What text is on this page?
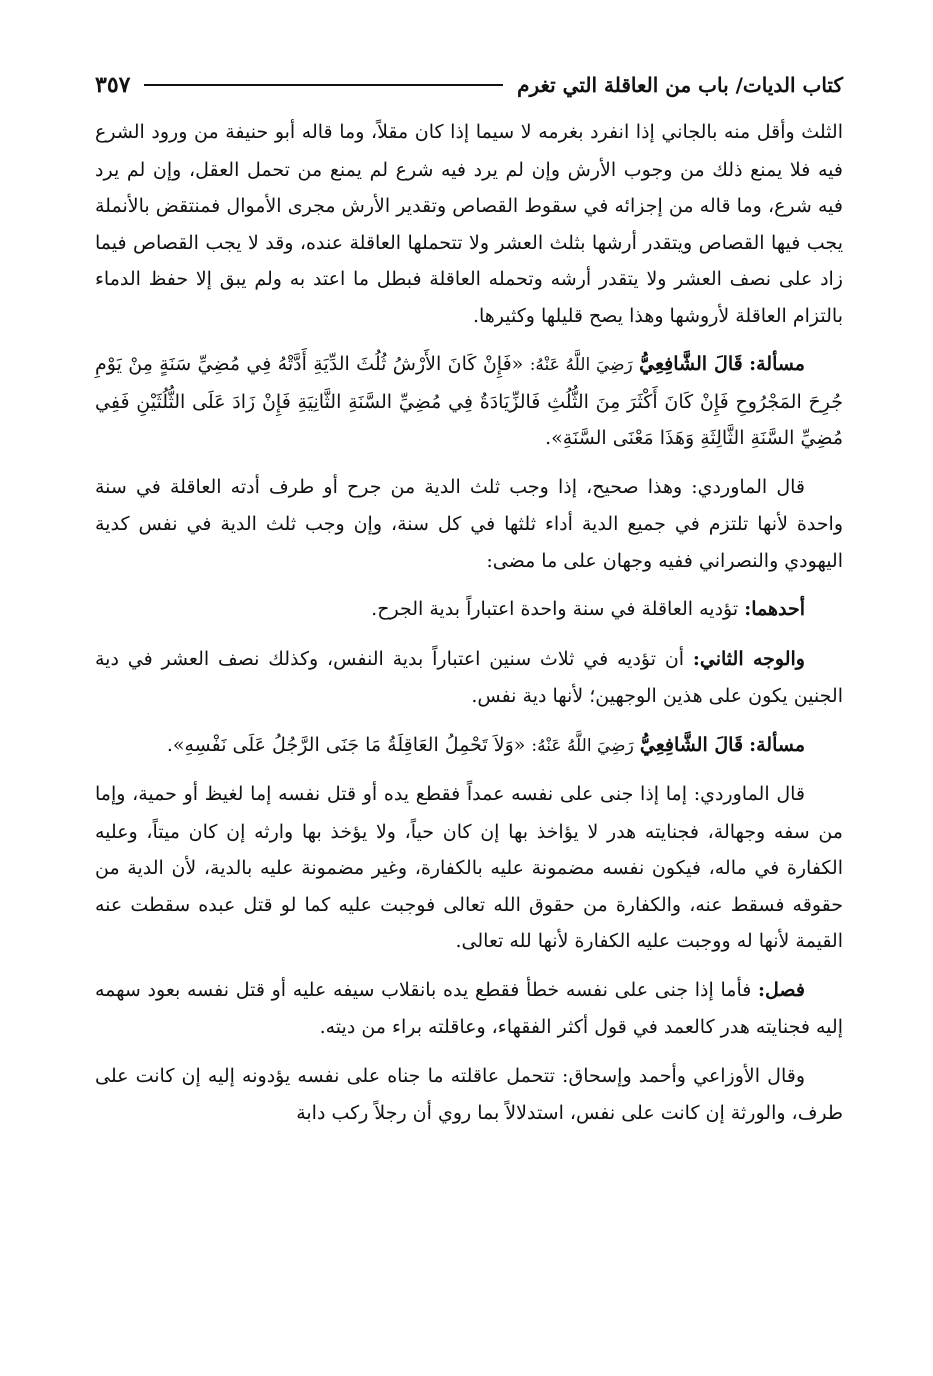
كتاب الديات/ باب من العاقلة التي تغرم
٣٥٧

الثلث وأقل منه بالجاني إذا انفرد بغرمه لا سيما إذا كان مقلاً، وما قاله أبو حنيفة من ورود الشرع فيه فلا يمنع ذلك من وجوب الأرش وإن لم يرد فيه شرع لم يمنع من تحمل العقل، وإن لم يرد فيه شرع، وما قاله من إجزائه في سقوط القصاص وتقدير الأرش مجرى الأموال فمنتقض بالأنملة يجب فيها القصاص ويتقدر أرشها بثلث العشر ولا تتحملها العاقلة عنده، وقد لا يجب القصاص فيما زاد على نصف العشر ولا يتقدر أرشه وتحمله العاقلة فبطل ما اعتد به ولم يبق إلا حفظ الدماء بالتزام العاقلة لأروشها وهذا يصح قليلها وكثيرها.

مسألة: قَالَ الشَّافِعِيُّ رَضِيَ اللَّهُ عَنْهُ: «فَإِنْ كَانَ الأَرْشُ ثُلُثَ الدِّيَةِ أَدَّتْهُ فِي مُضِيِّ سَنَةٍ مِنْ يَوْمِ جُرِحَ المَجْرُوحِ فَإِنْ كَانَ أَكْثَرَ مِنَ الثُّلُثِ فَالزِّيَادَةُ فِي مُضِيِّ السَّنَةِ الثَّانِيَةِ فَإِنْ زَادَ عَلَى الثُّلُثَيْنِ فَفِي مُضِيِّ السَّنَةِ الثَّالِثَةِ وَهَذَا مَعْنَى السَّنَةِ».

قال الماوردي: وهذا صحيح، إذا وجب ثلث الدية من جرح أو طرف أدته العاقلة في سنة واحدة لأنها تلتزم في جميع الدية أداء ثلثها في كل سنة، وإن وجب ثلث الدية في نفس كدية اليهودي والنصراني ففيه وجهان على ما مضى:

أحدهما: تؤديه العاقلة في سنة واحدة اعتباراً بدية الجرح.

والوجه الثاني: أن تؤديه في ثلاث سنين اعتباراً بدية النفس، وكذلك نصف العشر في دية الجنين يكون على هذين الوجهين؛ لأنها دية نفس.

مسألة: قَالَ الشَّافِعِيُّ رَضِيَ اللَّهُ عَنْهُ: «وَلاَ تَحْمِلُ العَاقِلَةُ مَا جَنَى الرَّجُلُ عَلَى نَفْسِهِ».

قال الماوردي: إما إذا جنى على نفسه عمداً فقطع يده أو قتل نفسه إما لغيظ أو حمية، وإما من سفه وجهالة، فجنايته هدر لا يؤاخذ بها إن كان حياً، ولا يؤخذ بها وارثه إن كان ميتاً، وعليه الكفارة في ماله، فيكون نفسه مضمونة عليه بالكفارة، وغير مضمونة عليه بالدية، لأن الدية من حقوقه فسقط عنه، والكفارة من حقوق الله تعالى فوجبت عليه كما لو قتل عبده سقطت عنه القيمة لأنها له ووجبت عليه الكفارة لأنها لله تعالى.

فصل: فأما إذا جنى على نفسه خطأ فقطع يده بانقلاب سيفه عليه أو قتل نفسه بعود سهمه إليه فجنايته هدر كالعمد في قول أكثر الفقهاء، وعاقلته براء من ديته.

وقال الأوزاعي وأحمد وإسحاق: تتحمل عاقلته ما جناه على نفسه يؤدونه إليه إن كانت على طرف، والورثة إن كانت على نفس، استدلالاً بما روي أن رجلاً ركب دابة
